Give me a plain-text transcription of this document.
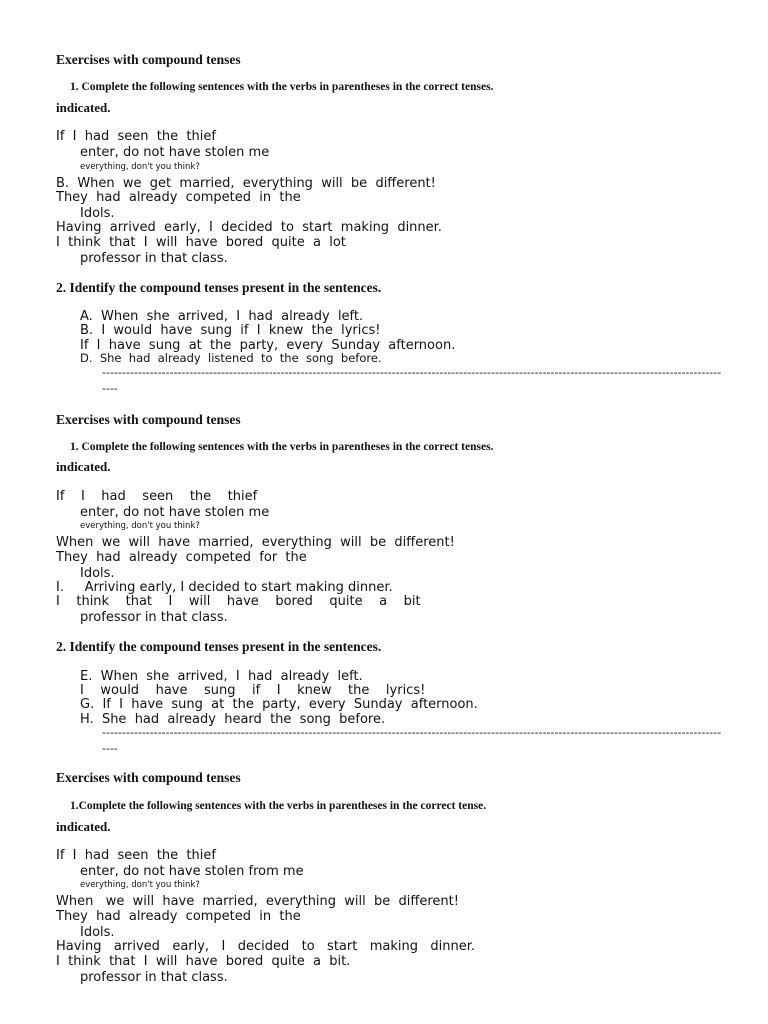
Exercises with compound tenses
1. Complete the following sentences with the verbs in parentheses in the correct tenses.
indicated.
If  I  had  seen  the  thief
enter, do not have stolen me
everything, don't you think?
B.  When  we  get  married,  everything  will  be  different!
They  had  already  competed  in  the
Idols.
Having  arrived  early,  I  decided  to  start  making  dinner.
I  think  that  I  will  have  bored  quite  a  lot
professor in that class.
2. Identify the compound tenses present in the sentences.
A.  When  she  arrived,  I  had  already  left.
B.  I  would  have  sung  if  I  knew  the  lyrics!
If  I  have  sung  at  the  party,  every  Sunday  afternoon.
D.  She  had  already  listened  to  the  song  before.
------------------------------------------------------------------------------------------------------------------------------------------------------------
----
Exercises with compound tenses
1. Complete the following sentences with the verbs in parentheses in the correct tenses.
indicated.
If    I    had    seen    the    thief
enter, do not have stolen me
everything, don't you think?
When  we  will  have  married,  everything  will  be  different!
They  had  already  competed  for  the
Idols.
I.     Arriving early, I decided to start making dinner.
I    think    that    I    will    have    bored    quite    a    bit
professor in that class.
2. Identify the compound tenses present in the sentences.
E.  When  she  arrived,  I  had  already  left.
I    would    have    sung    if    I    knew    the    lyrics!
G.  If  I  have  sung  at  the  party,  every  Sunday  afternoon.
H.  She  had  already  heard  the  song  before.
------------------------------------------------------------------------------------------------------------------------------------------------------------
----
Exercises with compound tenses
1.Complete the following sentences with the verbs in parentheses in the correct tense.
indicated.
If  I  had  seen  the  thief
enter, do not have stolen from me
everything, don't you think?
When   we  will  have  married,  everything  will  be  different!
They  had  already  competed  in  the
Idols.
Having   arrived   early,   I   decided   to   start   making   dinner.
I  think  that  I  will  have  bored  quite  a  bit.
professor in that class.
